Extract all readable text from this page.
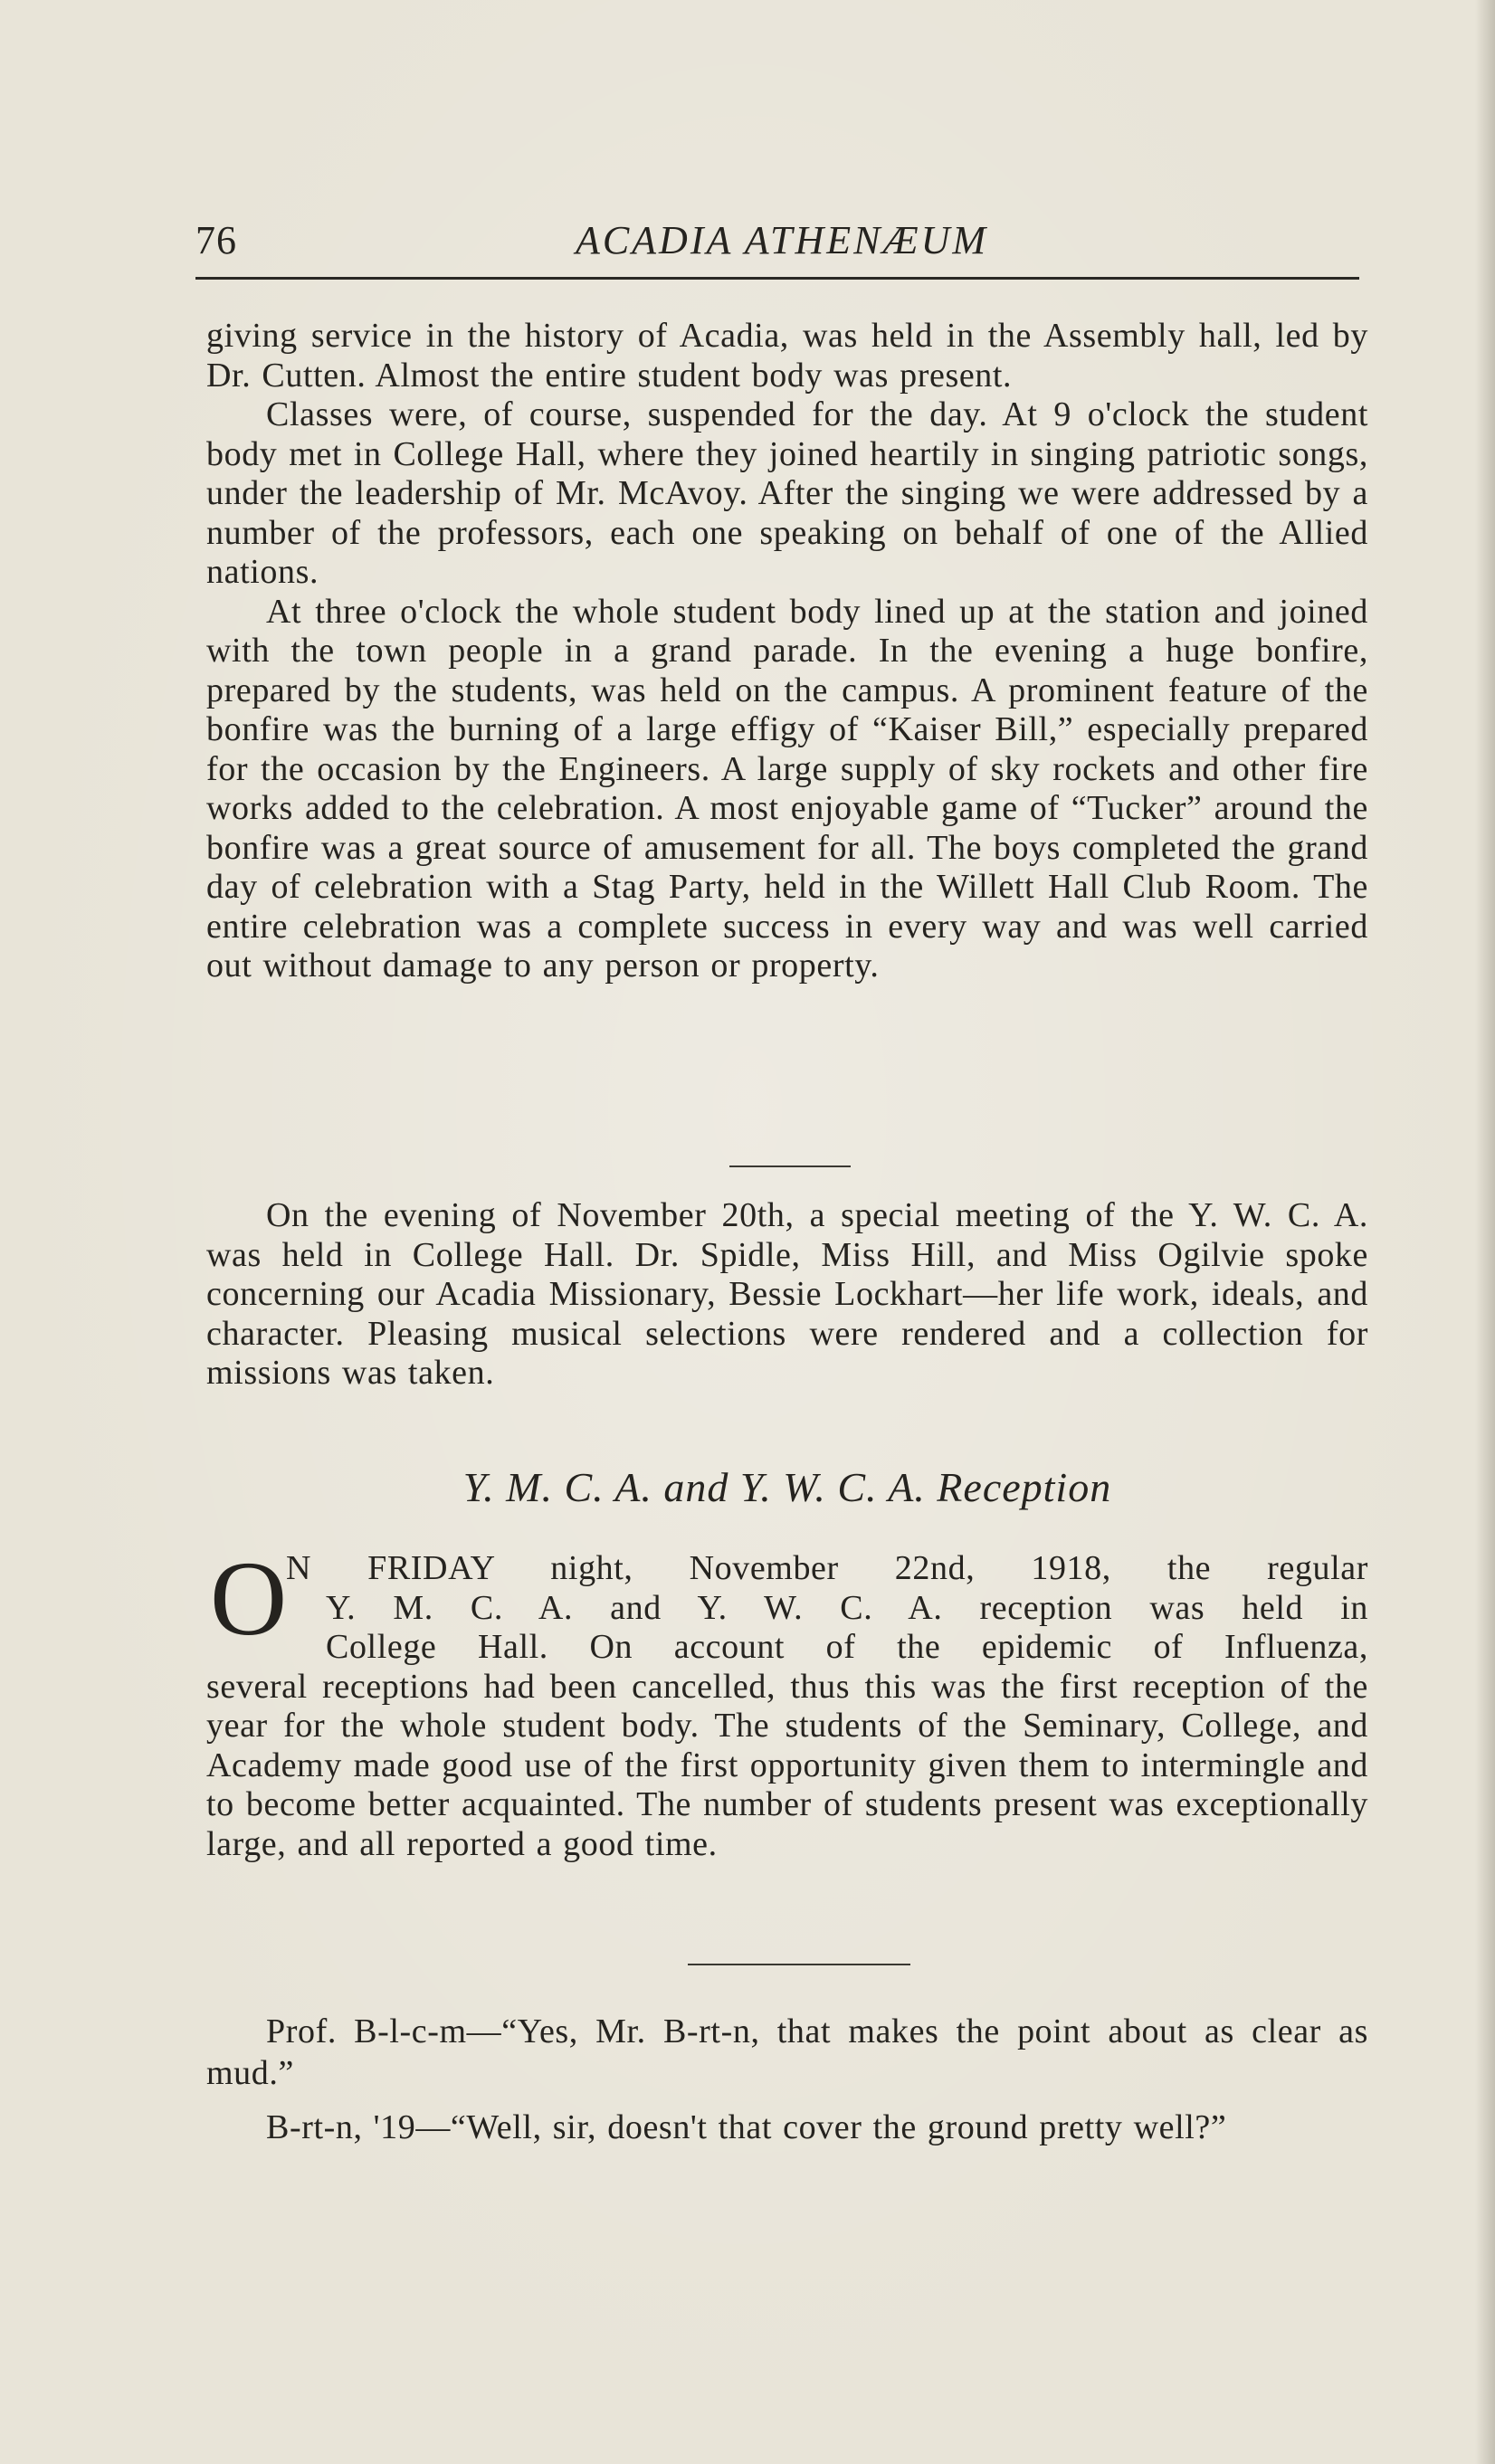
76	ACADIA ATHENÆUM

giving service in the history of Acadia, was held in the Assembly hall, led by Dr. Cutten. Almost the entire student body was present.

Classes were, of course, suspended for the day. At 9 o'clock the student body met in College Hall, where they joined heartily in singing patriotic songs, under the leadership of Mr. McAvoy. After the singing we were addressed by a number of the professors, each one speaking on behalf of one of the Allied nations.

At three o'clock the whole student body lined up at the station and joined with the town people in a grand parade. In the evening a huge bonfire, prepared by the students, was held on the campus. A prominent feature of the bonfire was the burning of a large effigy of “Kaiser Bill,” especially prepared for the occasion by the Engineers. A large supply of sky rockets and other fire works added to the celebration. A most enjoyable game of “Tucker” around the bonfire was a great source of amusement for all. The boys completed the grand day of celebration with a Stag Party, held in the Willett Hall Club Room. The entire celebration was a complete success in every way and was well carried out without damage to any person or property.

On the evening of November 20th, a special meeting of the Y. W. C. A. was held in College Hall. Dr. Spidle, Miss Hill, and Miss Ogilvie spoke concerning our Acadia Missionary, Bessie Lockhart—her life work, ideals, and character. Pleasing musical selections were rendered and a collection for missions was taken.

Y. M. C. A. and Y. W. C. A. Reception
O
N FRIDAY night, November 22nd, 1918, the regular
Y. M. C. A. and Y. W. C. A. reception was held in
College Hall. On account of the epidemic of Influenza,

several receptions had been cancelled, thus this was the first reception of the year for the whole student body. The students of the Seminary, College, and Academy made good use of the first opportunity given them to intermingle and to become better acquainted. The number of students present was exceptionally large, and all reported a good time.

Prof. B-l-c-m—“Yes, Mr. B-rt-n, that makes the point about as clear as mud.”

B-rt-n, '19—“Well, sir, doesn't that cover the ground pretty well?”
